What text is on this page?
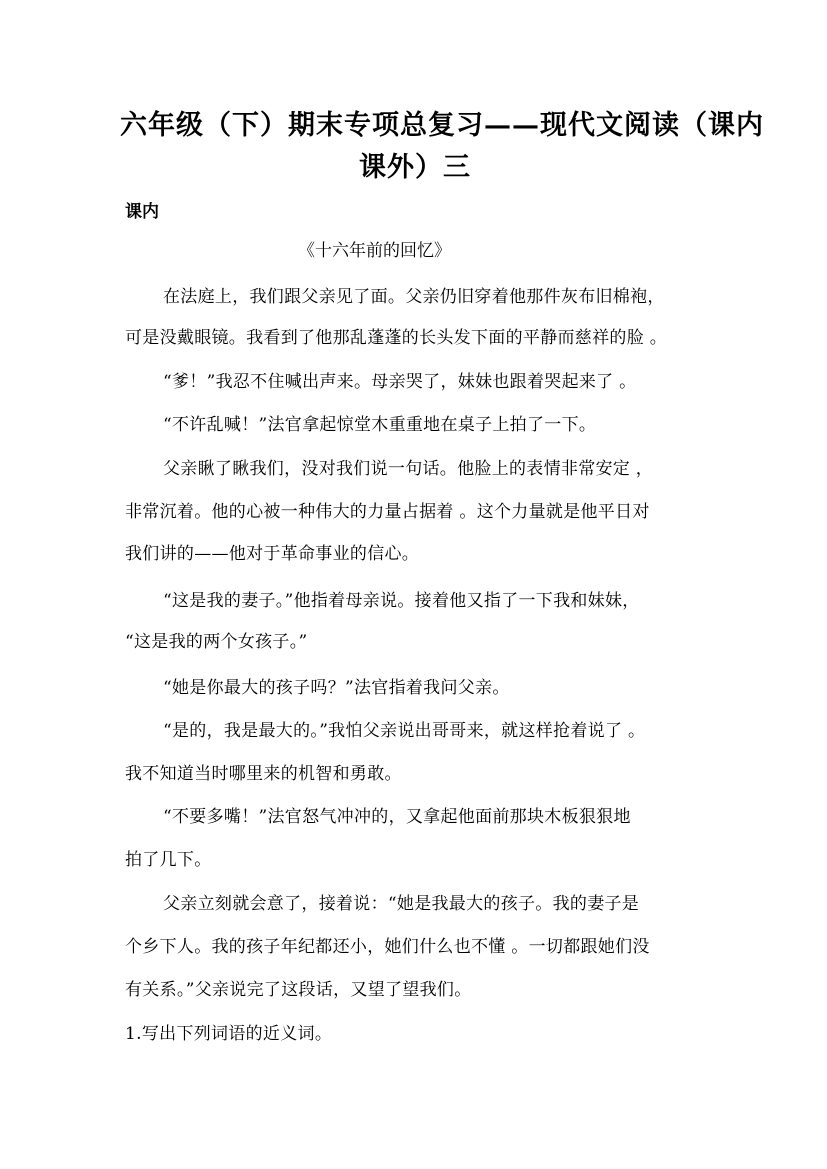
六年级（下）期末专项总复习——现代文阅读（课内
课外）三
课内
《十六年前的回忆》
在法庭上，我们跟父亲见了面。父亲仍旧穿着他那件灰布旧棉袍，
可是没戴眼镜。我看到了他那乱蓬蓬的长头发下面的平静而慈祥的脸 。
“爹！”我忍不住喊出声来。母亲哭了，妹妹也跟着哭起来了 。
“不许乱喊！”法官拿起惊堂木重重地在桌子上拍了一下。
父亲瞅了瞅我们，没对我们说一句话。他脸上的表情非常安定 ，
非常沉着。他的心被一种伟大的力量占据着 。这个力量就是他平日对
我们讲的——他对于革命事业的信心。
“这是我的妻子。”他指着母亲说。接着他又指了一下我和妹妹，
“这是我的两个女孩子。”
“她是你最大的孩子吗？”法官指着我问父亲。
“是的，我是最大的。”我怕父亲说出哥哥来，就这样抢着说了 。
我不知道当时哪里来的机智和勇敢。
“不要多嘴！”法官怒气冲冲的，又拿起他面前那块木板狠狠地
拍了几下。
父亲立刻就会意了，接着说：“她是我最大的孩子。我的妻子是
个乡下人。我的孩子年纪都还小，她们什么也不懂 。一切都跟她们没
有关系。”父亲说完了这段话，又望了望我们。
1.写出下列词语的近义词。
